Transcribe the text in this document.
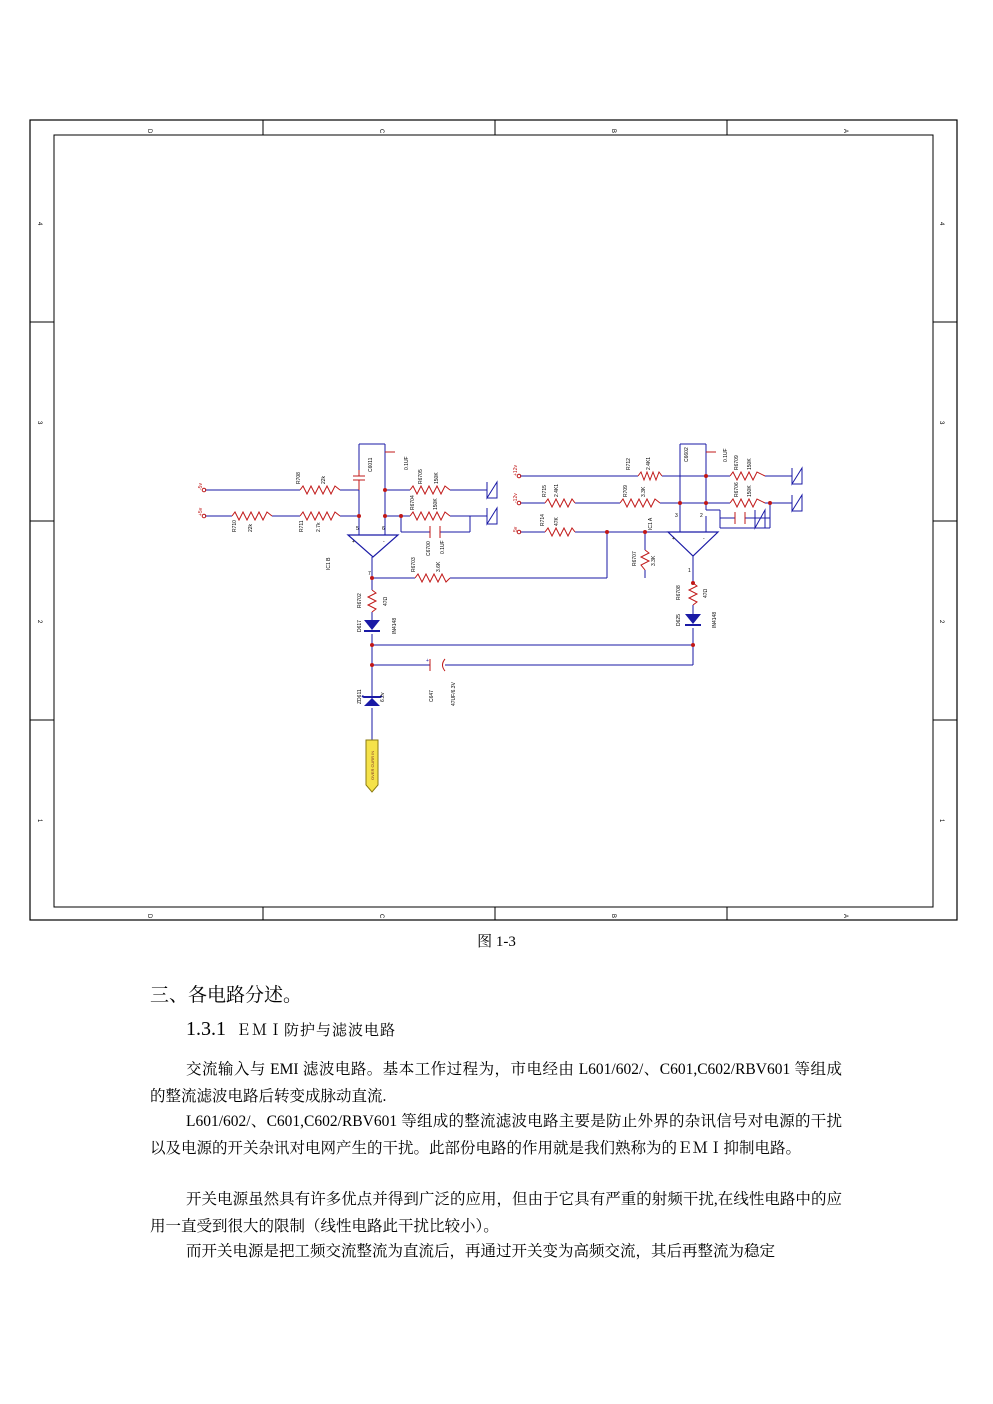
D	C	B	A
D	C	B	A
4
3
2
1
4
3
2
1
+
5	6
+	-
7
3	2
+	-
1
OVER CURR IN
-5v
+5v
-12v
+12v
5v
R708	22k
R710 22k	R711 2.7k
C6011	0.1UF
R6705 150K
R6704	150K
C6700 0.1UF
IC1 B	R6703	3.6K
R6702	47Ω
D617	IN4148
C647	47UF/6.3V
ZD611	6.2v
R712	2.4K1
C6602	0.1UF
R6709 150K
R715 2.4K1	R709 3.3K	R6706 150K
R714 47K	IC1 A
R6707	3.3K
R6708	47Ω
D625	IN4148
图 1-3
三、各电路分述。
1.3.1 ＥＭＩ防护与滤波电路

交流输入与 EMI 滤波电路。基本工作过程为，市电经由 L601/602/、C601,C602/RBV601 等组成的整流滤波电路后转变成脉动直流.

L601/602/、C601,C602/RBV601 等组成的整流滤波电路主要是防止外界的杂讯信号对电源的干扰以及电源的开关杂讯对电网产生的干扰。此部份电路的作用就是我们熟称为的ＥＭＩ抑制电路。

开关电源虽然具有许多优点并得到广泛的应用，但由于它具有严重的射频干扰,在线性电路中的应用一直受到很大的限制（线性电路此干扰比较小）。

而开关电源是把工频交流整流为直流后，再通过开关变为高频交流，其后再整流为稳定
